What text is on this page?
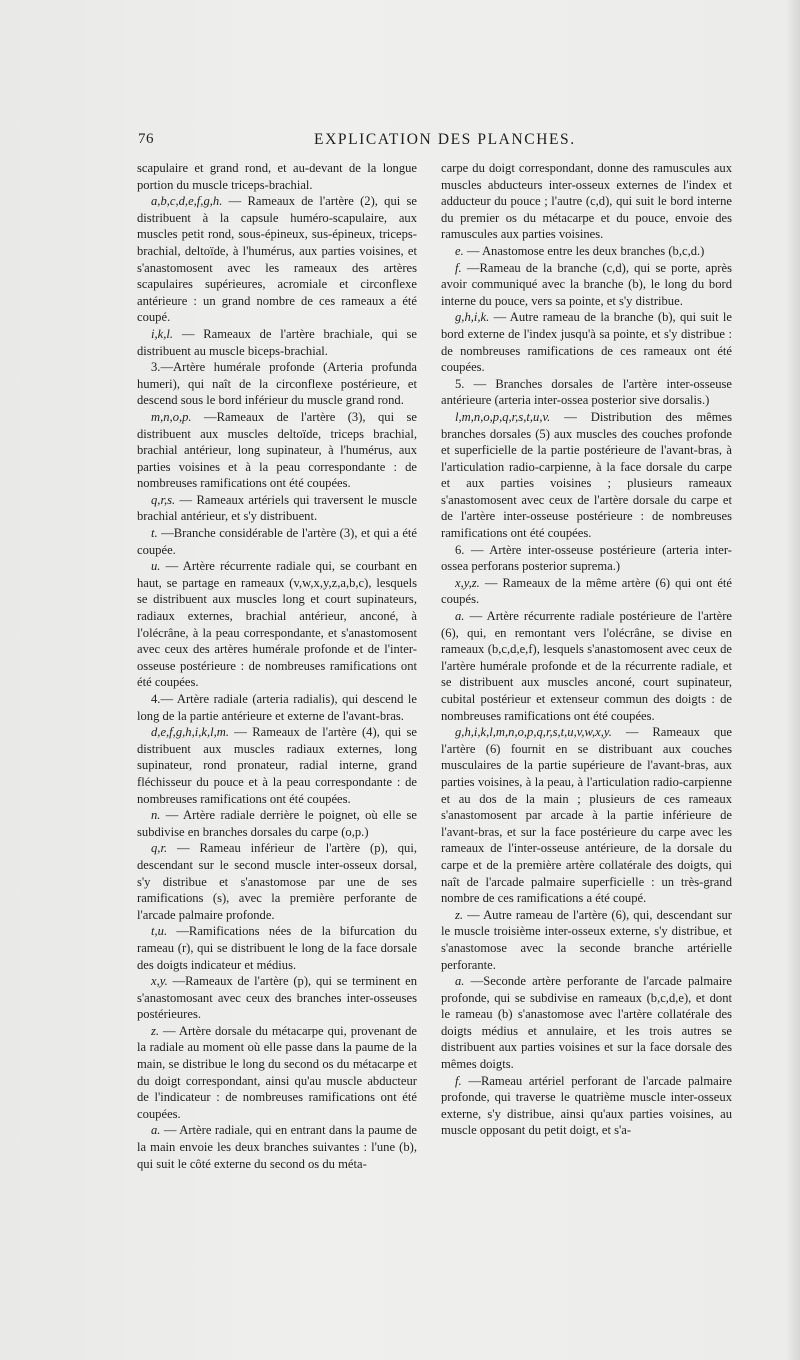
76	EXPLICATION DES PLANCHES.

scapulaire et grand rond, et au-devant de la longue portion du muscle triceps-brachial.

a,b,c,d,e,f,g,h. — Rameaux de l'artère (2), qui se distribuent à la capsule huméro-scapulaire, aux muscles petit rond, sous-épineux, sus-épineux, triceps-brachial, deltoïde, à l'humérus, aux parties voisines, et s'anastomosent avec les rameaux des artères scapulaires supérieures, acromiale et circonflexe antérieure : un grand nombre de ces rameaux a été coupé.

i,k,l. — Rameaux de l'artère brachiale, qui se distribuent au muscle biceps-brachial.

3.—Artère humérale profonde (Arteria profunda humeri), qui naît de la circonflexe postérieure, et descend sous le bord inférieur du muscle grand rond.

m,n,o,p. —Rameaux de l'artère (3), qui se distribuent aux muscles deltoïde, triceps brachial, brachial antérieur, long supinateur, à l'humérus, aux parties voisines et à la peau correspondante : de nombreuses ramifications ont été coupées.

q,r,s. — Rameaux artériels qui traversent le muscle brachial antérieur, et s'y distribuent.

t. —Branche considérable de l'artère (3), et qui a été coupée.

u. — Artère récurrente radiale qui, se courbant en haut, se partage en rameaux (v,w,x,y,z,a,b,c), lesquels se distribuent aux muscles long et court supinateurs, radiaux externes, brachial antérieur, anconé, à l'olécrâne, à la peau correspondante, et s'anastomosent avec ceux des artères humérale profonde et de l'inter-osseuse postérieure : de nombreuses ramifications ont été coupées.

4.— Artère radiale (arteria radialis), qui descend le long de la partie antérieure et externe de l'avant-bras.

d,e,f,g,h,i,k,l,m. — Rameaux de l'artère (4), qui se distribuent aux muscles radiaux externes, long supinateur, rond pronateur, radial interne, grand fléchisseur du pouce et à la peau correspondante : de nombreuses ramifications ont été coupées.

n. — Artère radiale derrière le poignet, où elle se subdivise en branches dorsales du carpe (o,p.)

q,r. — Rameau inférieur de l'artère (p), qui, descendant sur le second muscle inter-osseux dorsal, s'y distribue et s'anastomose par une de ses ramifications (s), avec la première perforante de l'arcade palmaire profonde.

t,u. —Ramifications nées de la bifurcation du rameau (r), qui se distribuent le long de la face dorsale des doigts indicateur et médius.

x,y. —Rameaux de l'artère (p), qui se terminent en s'anastomosant avec ceux des branches inter-osseuses postérieures.

z. — Artère dorsale du métacarpe qui, provenant de la radiale au moment où elle passe dans la paume de la main, se distribue le long du second os du métacarpe et du doigt correspondant, ainsi qu'au muscle abducteur de l'indicateur : de nombreuses ramifications ont été coupées.

a. — Artère radiale, qui en entrant dans la paume de la main envoie les deux branches suivantes : l'une (b), qui suit le côté externe du second os du méta-

carpe du doigt correspondant, donne des ramuscules aux muscles abducteurs inter-osseux externes de l'index et adducteur du pouce ; l'autre (c,d), qui suit le bord interne du premier os du métacarpe et du pouce, envoie des ramuscules aux parties voisines.

e. — Anastomose entre les deux branches (b,c,d.)

f. —Rameau de la branche (c,d), qui se porte, après avoir communiqué avec la branche (b), le long du bord interne du pouce, vers sa pointe, et s'y distribue.

g,h,i,k. — Autre rameau de la branche (b), qui suit le bord externe de l'index jusqu'à sa pointe, et s'y distribue : de nombreuses ramifications de ces rameaux ont été coupées.

5. — Branches dorsales de l'artère inter-osseuse antérieure (arteria inter-ossea posterior sive dorsalis.)

l,m,n,o,p,q,r,s,t,u,v. — Distribution des mêmes branches dorsales (5) aux muscles des couches profonde et superficielle de la partie postérieure de l'avant-bras, à l'articulation radio-carpienne, à la face dorsale du carpe et aux parties voisines ; plusieurs rameaux s'anastomosent avec ceux de l'artère dorsale du carpe et de l'artère inter-osseuse postérieure : de nombreuses ramifications ont été coupées.

6. — Artère inter-osseuse postérieure (arteria inter-ossea perforans posterior suprema.)

x,y,z. — Rameaux de la même artère (6) qui ont été coupés.

a. — Artère récurrente radiale postérieure de l'artère (6), qui, en remontant vers l'olécrâne, se divise en rameaux (b,c,d,e,f), lesquels s'anastomosent avec ceux de l'artère humérale profonde et de la récurrente radiale, et se distribuent aux muscles anconé, court supinateur, cubital postérieur et extenseur commun des doigts : de nombreuses ramifications ont été coupées.

g,h,i,k,l,m,n,o,p,q,r,s,t,u,v,w,x,y. — Rameaux que l'artère (6) fournit en se distribuant aux couches musculaires de la partie supérieure de l'avant-bras, aux parties voisines, à la peau, à l'articulation radio-carpienne et au dos de la main ; plusieurs de ces rameaux s'anastomosent par arcade à la partie inférieure de l'avant-bras, et sur la face postérieure du carpe avec les rameaux de l'inter-osseuse antérieure, de la dorsale du carpe et de la première artère collatérale des doigts, qui naît de l'arcade palmaire superficielle : un très-grand nombre de ces ramifications a été coupé.

z. — Autre rameau de l'artère (6), qui, descendant sur le muscle troisième inter-osseux externe, s'y distribue, et s'anastomose avec la seconde branche artérielle perforante.

a. —Seconde artère perforante de l'arcade palmaire profonde, qui se subdivise en rameaux (b,c,d,e), et dont le rameau (b) s'anastomose avec l'artère collatérale des doigts médius et annulaire, et les trois autres se distribuent aux parties voisines et sur la face dorsale des mêmes doigts.

f. —Rameau artériel perforant de l'arcade palmaire profonde, qui traverse le quatrième muscle inter-osseux externe, s'y distribue, ainsi qu'aux parties voisines, au muscle opposant du petit doigt, et s'a-
